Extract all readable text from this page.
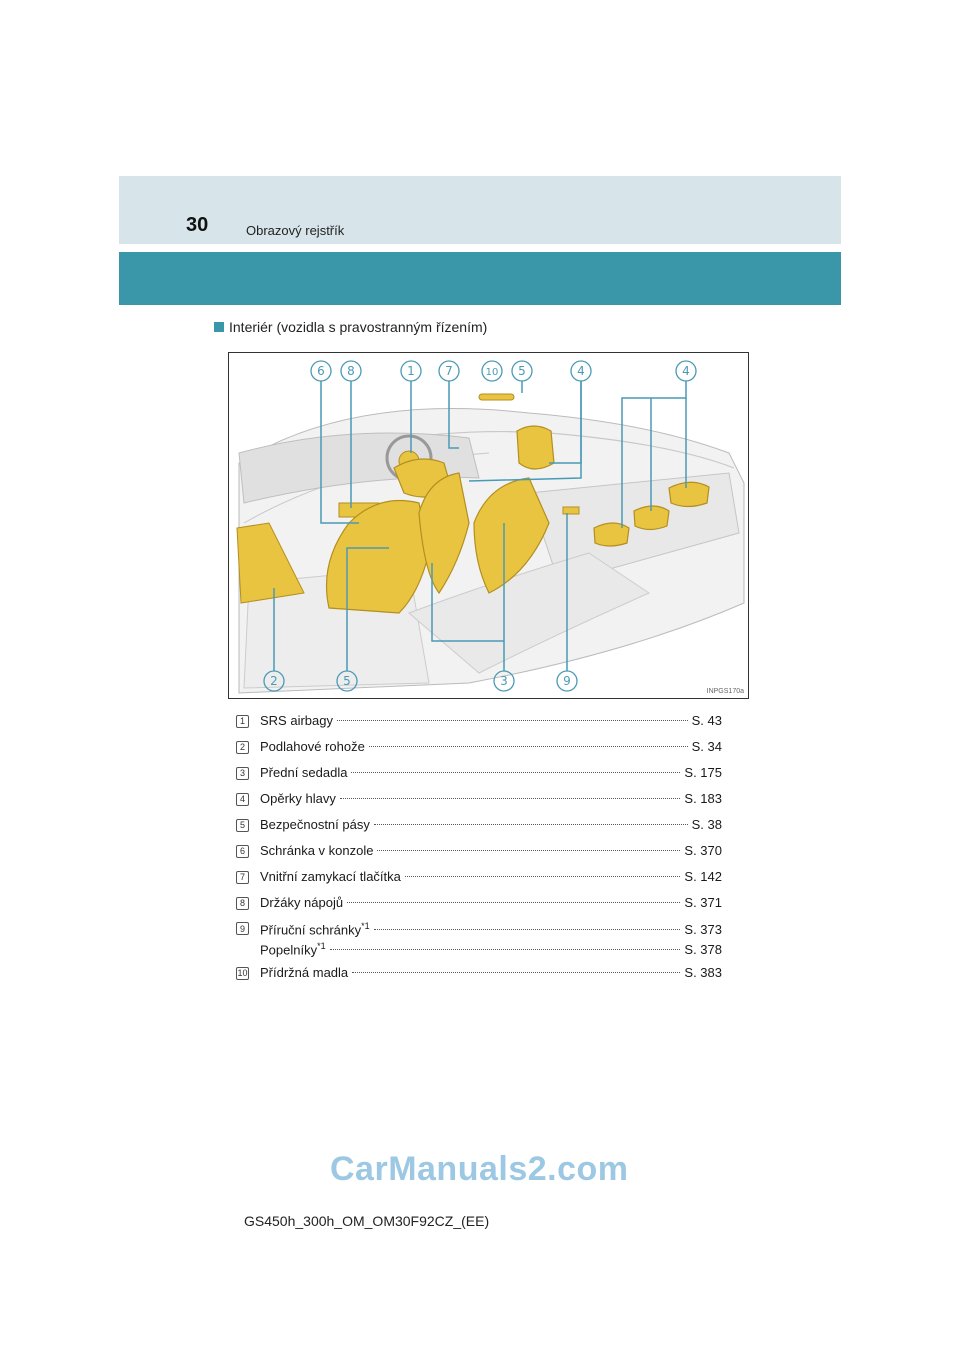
30	Obrazový rejstřík
Interiér (vozidla s pravostranným řízením)
6 8	1	7	10 5	4	4
2	5	3	9
INPGS170a
1	SRS airbagy	S. 43
2	Podlahové rohože	S. 34
3	Přední sedadla	S. 175
4	Opěrky hlavy	S. 183
5	Bezpečnostní pásy	S. 38
6	Schránka v konzole	S. 370
7	Vnitřní zamykací tlačítka	S. 142
8	Držáky nápojů	S. 371
9	Příruční schránky$^{*1}$	S. 373
Popelníky$^{*1}$	S. 378
10 Přídržná madla	S. 383
CarManuals2.com
GS450h_300h_OM_OM30F92CZ_(EE)
